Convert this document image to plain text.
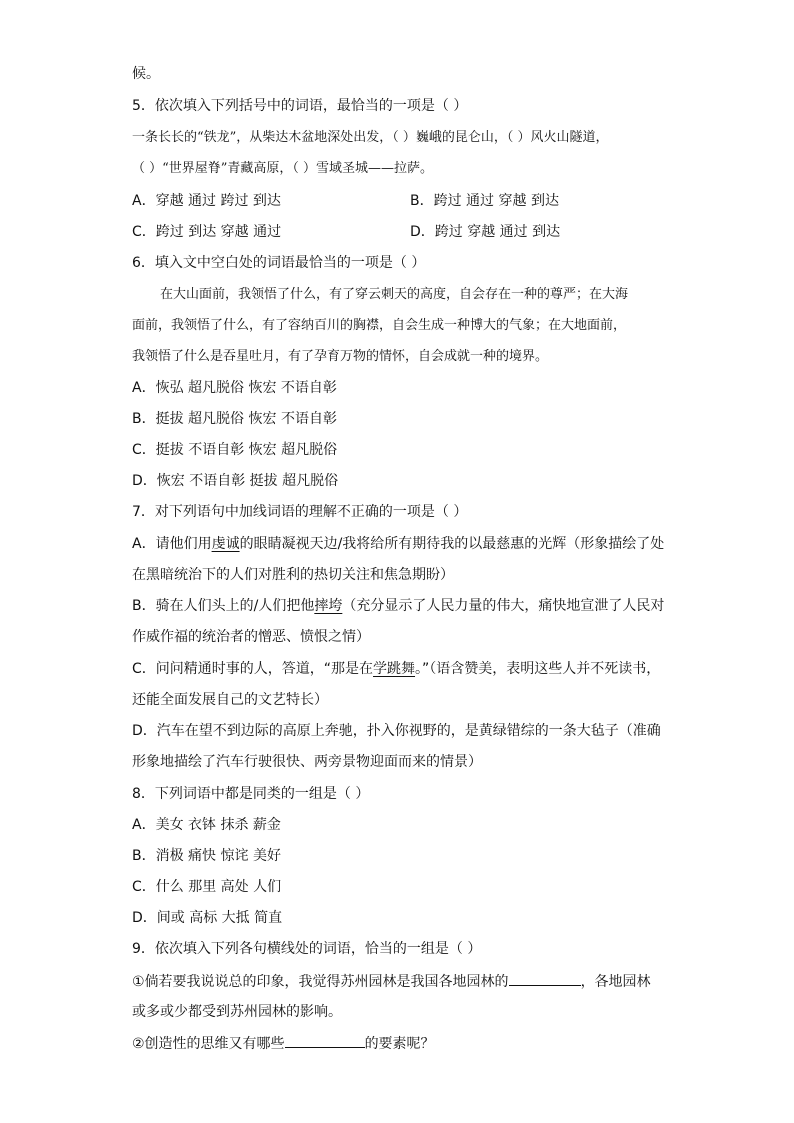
候。
5．依次填入下列括号中的词语，最恰当的一项是（ ）
一条长长的“铁龙”，从柴达木盆地深处出发，（ ）巍峨的昆仑山，（ ）风火山隧道，
（ ）“世界屋脊”青藏高原，（ ）雪域圣城——拉萨。
A．穿越 通过 跨过 到达	B．跨过 通过 穿越 到达
C．跨过 到达 穿越 通过	D．跨过 穿越 通过 到达
6．填入文中空白处的词语最恰当的一项是（ ）
在大山面前，我领悟了什么，有了穿云刺天的高度，自会存在一种的尊严；在大海
面前，我领悟了什么，有了容纳百川的胸襟，自会生成一种博大的气象；在大地面前，
我领悟了什么是吞星吐月，有了孕育万物的情怀，自会成就一种的境界。
A．恢弘 超凡脱俗 恢宏 不语自彰
B．挺拔 超凡脱俗 恢宏 不语自彰
C．挺拔 不语自彰 恢宏 超凡脱俗
D．恢宏 不语自彰 挺拔 超凡脱俗
7．对下列语句中加线词语的理解不正确的一项是（ ）
A．请他们用虔诚的眼睛凝视天边/我将给所有期待我的以最慈惠的光辉（形象描绘了处
在黑暗统治下的人们对胜利的热切关注和焦急期盼）
B．骑在人们头上的/人们把他摔垮（充分显示了人民力量的伟大，痛快地宣泄了人民对
作威作福的统治者的憎恶、愤恨之情）
C．问问精通时事的人，答道，“那是在学跳舞。”（语含赞美，表明这些人并不死读书，
还能全面发展自己的文艺特长）
D．汽车在望不到边际的高原上奔驰，扑入你视野的，是黄绿错综的一条大毡子（准确
形象地描绘了汽车行驶很快、两旁景物迎面而来的情景）
8．下列词语中都是同类的一组是（ ）
A．美女 衣钵 抹杀 薪金
B．消极 痛快 惊诧 美好
C．什么 那里 高处 人们
D．间或 高标 大抵 简直
9．依次填入下列各句横线处的词语，恰当的一组是（ ）
①倘若要我说说总的印象，我觉得苏州园林是我国各地园林的	，各地园林
或多或少都受到苏州园林的影响。
②创造性的思维又有哪些	的要素呢？
